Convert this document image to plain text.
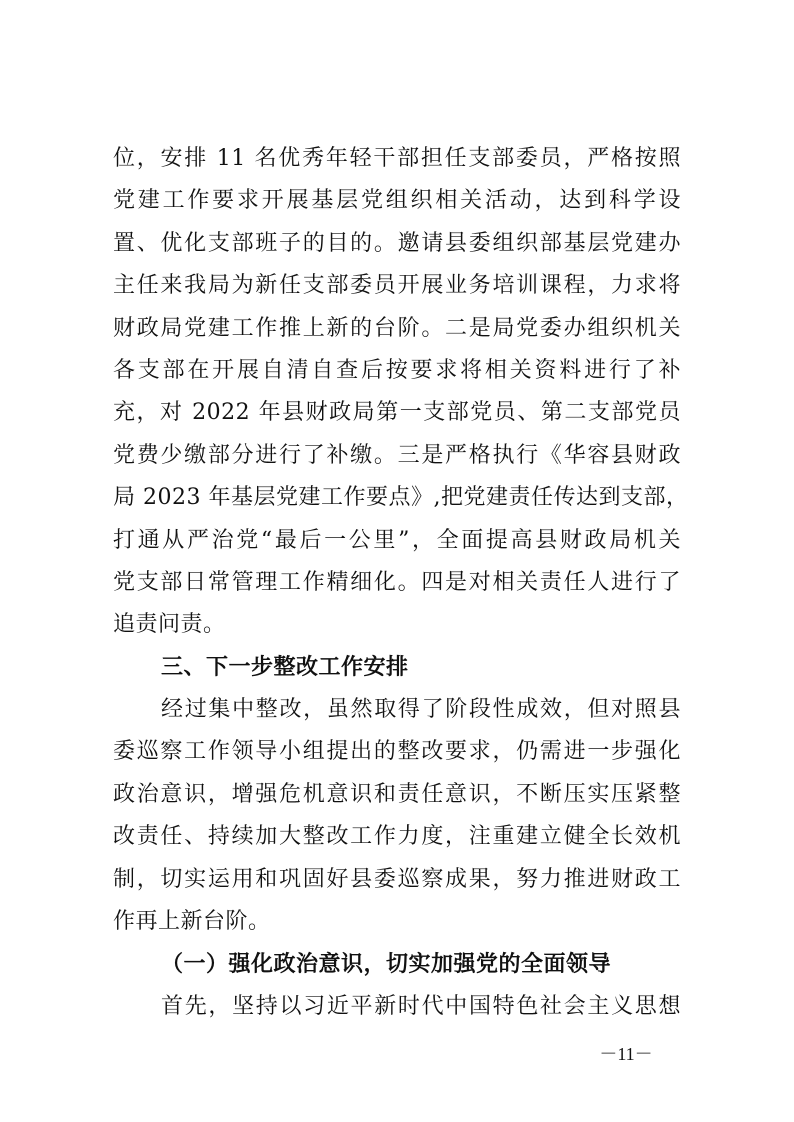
位，安排 11 名优秀年轻干部担任支部委员，严格按照
党建工作要求开展基层党组织相关活动，达到科学设
置、优化支部班子的目的。邀请县委组织部基层党建办
主任来我局为新任支部委员开展业务培训课程，力求将
财政局党建工作推上新的台阶。二是局党委办组织机关
各支部在开展自清自查后按要求将相关资料进行了补
充，对 2022 年县财政局第一支部党员、第二支部党员
党费少缴部分进行了补缴。三是严格执行《华容县财政
局 2023 年基层党建工作要点》,把党建责任传达到支部，
打通从严治党“最后一公里”，全面提高县财政局机关
党支部日常管理工作精细化。四是对相关责任人进行了
追责问责。
三、下一步整改工作安排
经过集中整改，虽然取得了阶段性成效，但对照县
委巡察工作领导小组提出的整改要求，仍需进一步强化
政治意识，增强危机意识和责任意识，不断压实压紧整
改责任、持续加大整改工作力度，注重建立健全长效机
制，切实运用和巩固好县委巡察成果，努力推进财政工
作再上新台阶。
（一）强化政治意识，切实加强党的全面领导
首先，坚持以习近平新时代中国特色社会主义思想
－11－
